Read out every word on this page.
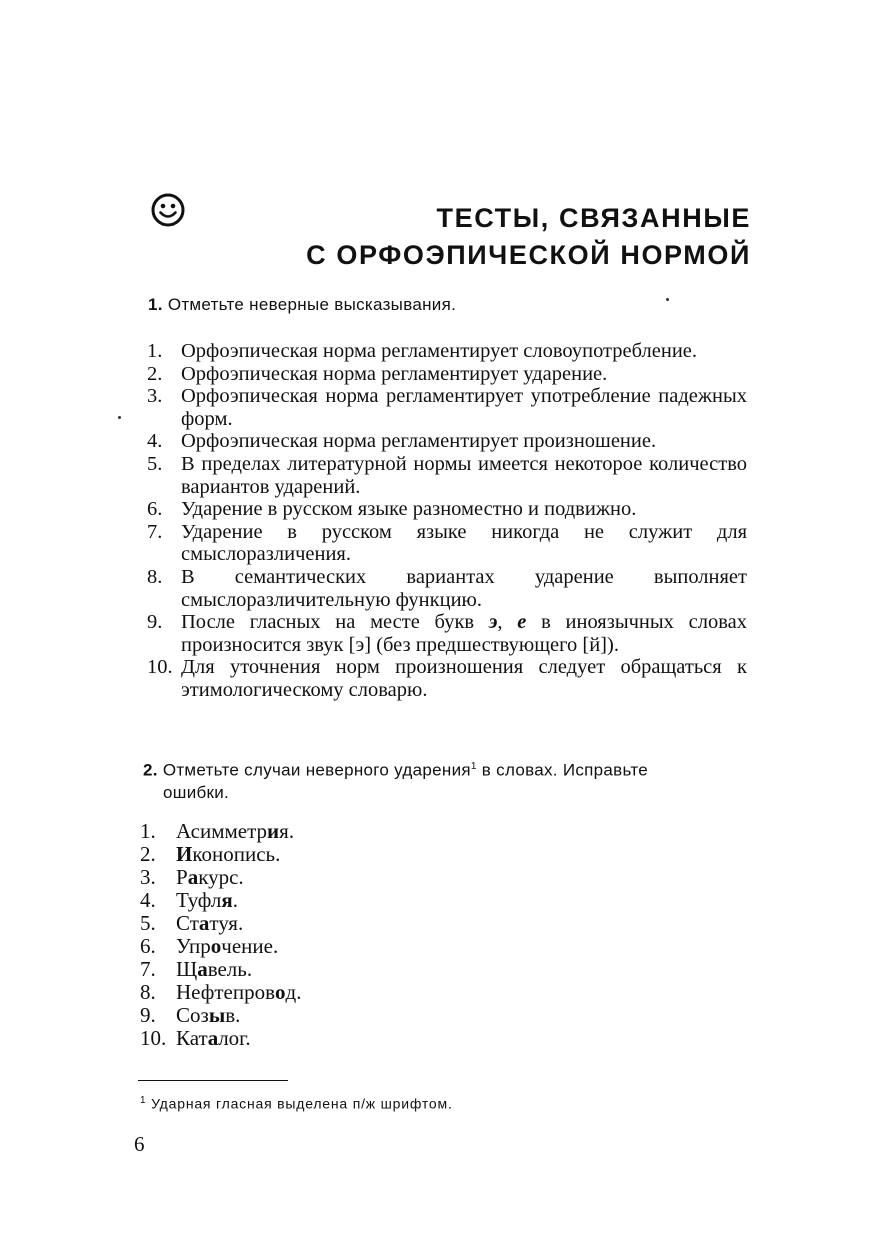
ТЕСТЫ, СВЯЗАННЫЕ
С ОРФОЭПИЧЕСКОЙ НОРМОЙ
1. Отметьте неверные высказывания.
1. Орфоэпическая норма регламентирует словоупотребление.
2. Орфоэпическая норма регламентирует ударение.
3. Орфоэпическая норма регламентирует употребление падежных форм.
4. Орфоэпическая норма регламентирует произношение.
5. В пределах литературной нормы имеется некоторое количество вариантов ударений.
6. Ударение в русском языке разноместно и подвижно.
7. Ударение в русском языке никогда не служит для смыслоразличения.
8. В семантических вариантах ударение выполняет смыслоразличительную функцию.
9. После гласных на месте букв э, е в иноязычных словах произносится звук [э] (без предшествующего [й]).
10. Для уточнения норм произношения следует обращаться к этимологическому словарю.
2. Отметьте случаи неверного ударения$^1$ в словах. Исправьте
ошибки.
1. Асимметрия.
2. Иконопись.
3. Ракурс.
4. Туфля.
5. Статуя.
6. Упрочение.
7. Щавель.
8. Нефтепровод.
9. Созыв.
10. Каталог.
$^1$ Ударная гласная выделена п/ж шрифтом.
6
